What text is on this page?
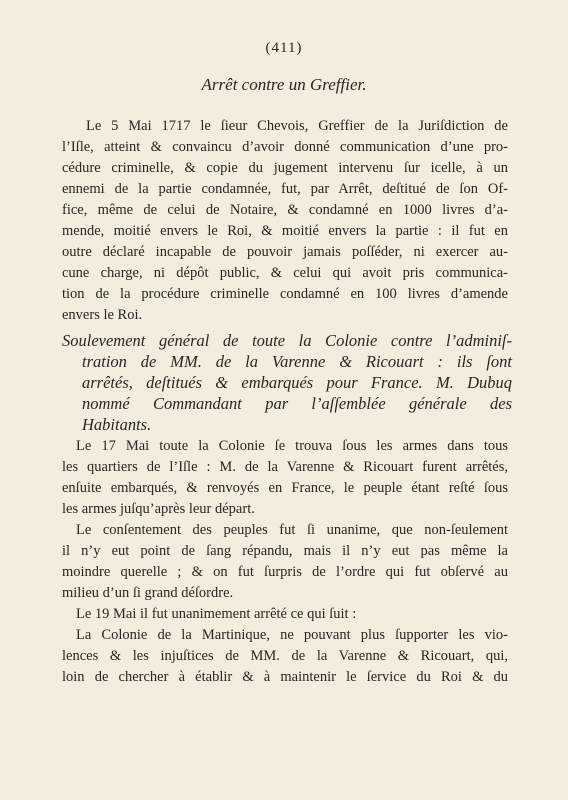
(411)
Arrêt contre un Greffier.
Le 5 Mai 1717 le ſieur Chevois, Greffier de la Juriſdiction de
l’Iſle, atteint & convaincu d’avoir donné communication d’une pro-
cédure criminelle, & copie du jugement intervenu ſur icelle, à un
ennemi de la partie condamnée, fut, par Arrêt, deſtitué de ſon Of-
fice, même de celui de Notaire, & condamné en 1000 livres d’a-
mende, moitié envers le Roi, & moitié envers la partie : il fut en
outre déclaré incapable de pouvoir jamais poſſéder, ni exercer au-
cune charge, ni dépôt public, & celui qui avoit pris communica-
tion de la procédure criminelle condamné en 100 livres d’amende
envers le Roi.
Soulevement général de toute la Colonie contre l’adminiſ-
tration de MM. de la Varenne & Ricouart : ils ſont
arrêtés, deſtitués & embarqués pour France. M. Dubuq
nommé Commandant par l’aſſemblée générale des
Habitants.
Le 17 Mai toute la Colonie ſe trouva ſous les armes dans tous
les quartiers de l’Iſle : M. de la Varenne & Ricouart furent arrêtés,
enſuite embarqués, & renvoyés en France, le peuple étant reſté ſous
les armes juſqu’après leur départ.
Le conſentement des peuples fut ſi unanime, que non-ſeulement
il n’y eut point de ſang répandu, mais il n’y eut pas même la
moindre querelle ; & on fut ſurpris de l’ordre qui fut obſervé au
milieu d’un ſi grand déſordre.
Le 19 Mai il fut unanimement arrêté ce qui ſuit :
La Colonie de la Martinique, ne pouvant plus ſupporter les vio-
lences & les injuſtices de MM. de la Varenne & Ricouart, qui,
loin de chercher à établir & à maintenir le ſervice du Roi & du
